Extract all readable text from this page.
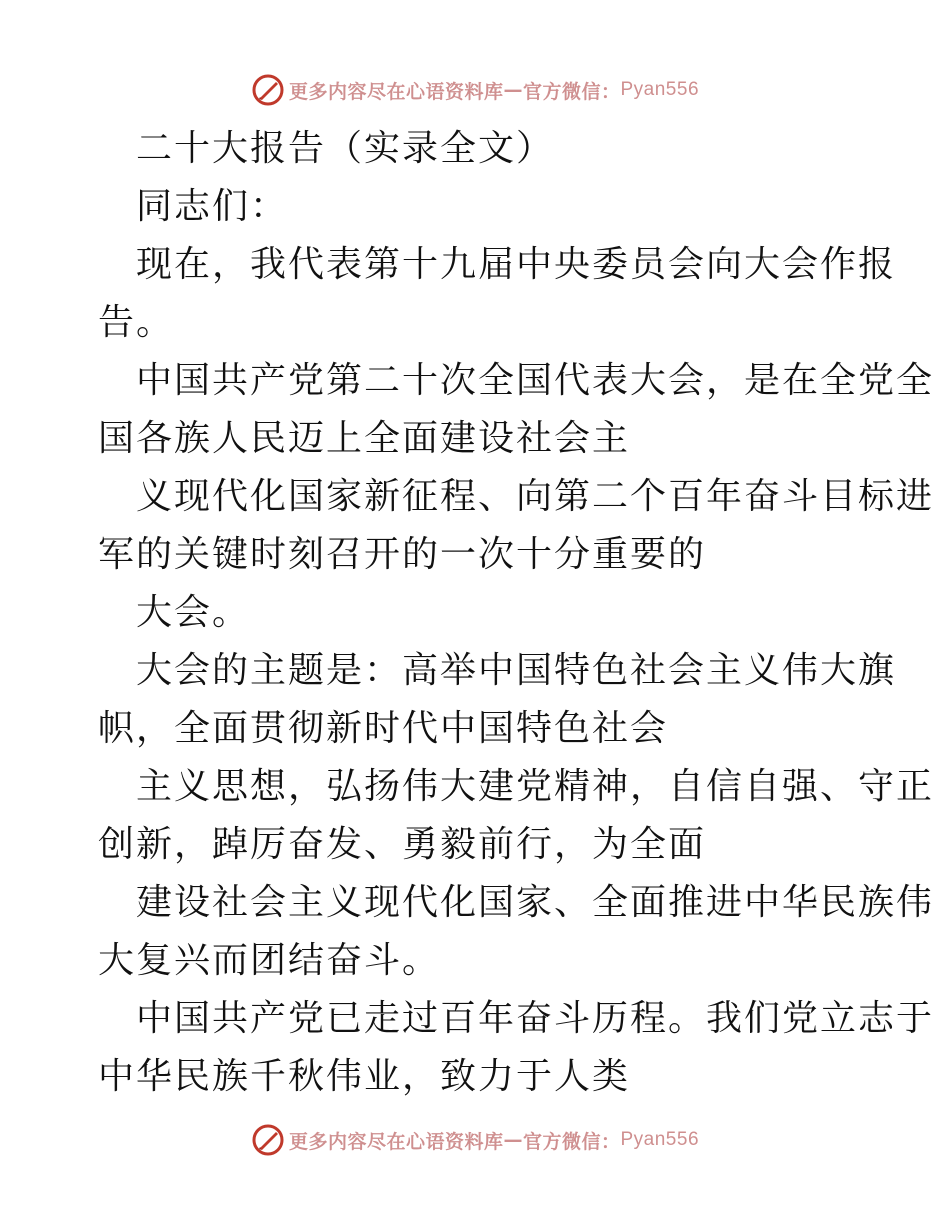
更多内容尽在心语资料库 — 官方微信： Pyan556
二十大报告（实录全文）
同志们：
现在，我代表第十九届中央委员会向大会作报
告。
中国共产党第二十次全国代表大会，是在全党全
国各族人民迈上全面建设社会主
义现代化国家新征程、向第二个百年奋斗目标进
军的关键时刻召开的一次十分重要的
大会。
大会的主题是：高举中国特色社会主义伟大旗
帜，全面贯彻新时代中国特色社会
主义思想，弘扬伟大建党精神，自信自强、守正
创新，踔厉奋发、勇毅前行，为全面
建设社会主义现代化国家、全面推进中华民族伟
大复兴而团结奋斗。
中国共产党已走过百年奋斗历程。我们党立志于
中华民族千秋伟业，致力于人类
更多内容尽在心语资料库 — 官方微信： Pyan556
